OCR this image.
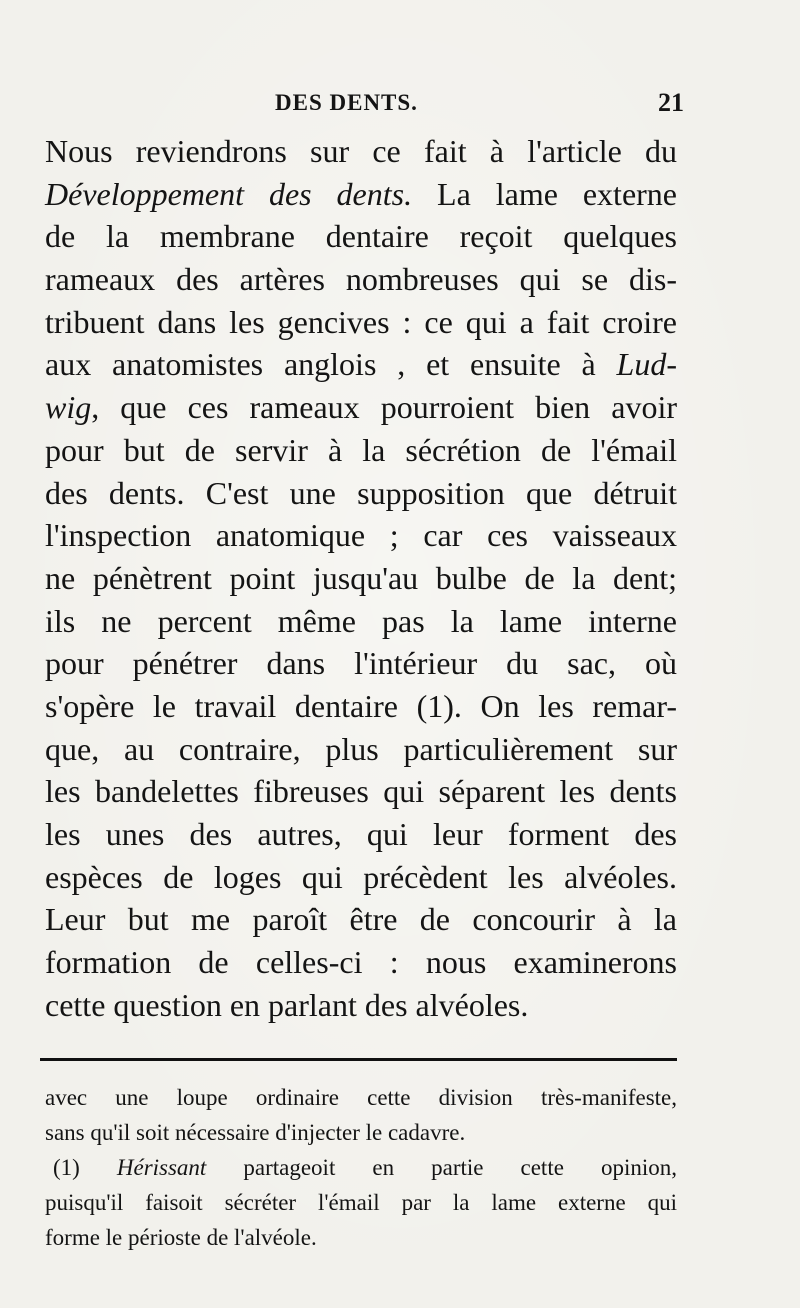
DES DENTS.	21
Nous reviendrons sur ce fait à l'article du
Développement des dents. La lame externe
de la membrane dentaire reçoit quelques
rameaux des artères nombreuses qui se dis-
tribuent dans les gencives : ce qui a fait croire
aux anatomistes anglois , et ensuite à Lud-
wig, que ces rameaux pourroient bien avoir
pour but de servir à la sécrétion de l'émail
des dents. C'est une supposition que détruit
l'inspection anatomique ; car ces vaisseaux
ne pénètrent point jusqu'au bulbe de la dent;
ils ne percent même pas la lame interne
pour pénétrer dans l'intérieur du sac, où
s'opère le travail dentaire (1). On les remar-
que, au contraire, plus particulièrement sur
les bandelettes fibreuses qui séparent les dents
les unes des autres, qui leur forment des
espèces de loges qui précèdent les alvéoles.
Leur but me paroît être de concourir à la
formation de celles-ci : nous examinerons
cette question en parlant des alvéoles.
avec une loupe ordinaire cette division très-manifeste,
sans qu'il soit nécessaire d'injecter le cadavre.
(1) Hérissant partageoit en partie cette opinion,
puisqu'il faisoit sécréter l'émail par la lame externe qui
forme le périoste de l'alvéole.
